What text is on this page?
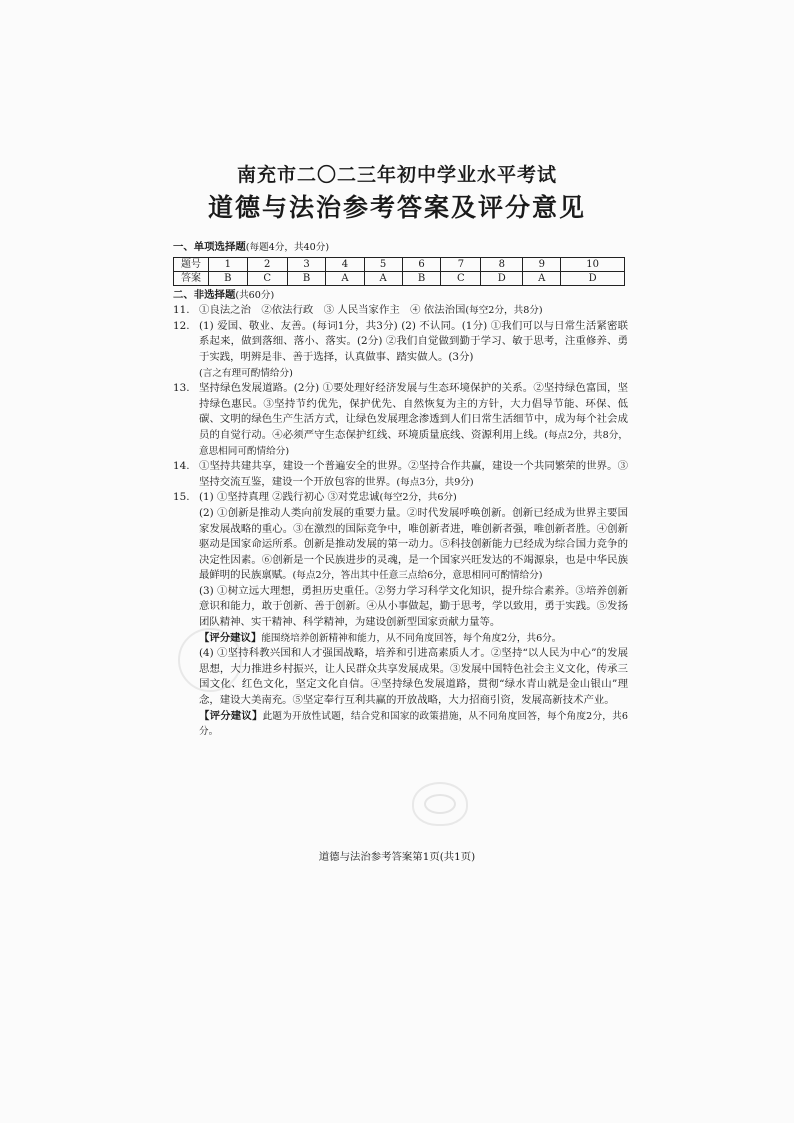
南充市二〇二三年初中学业水平考试
道德与法治参考答案及评分意见
一、单项选择题(每题4分，共40分)
题号	1	2	3	4	5	6	7	8	9	10
答案	B	C	B	A	A	B	C	D	A	D
二、非选择题(共60分)
11. ①良法之治　②依法行政　③ 人民当家作主　④ 依法治国(每空2分，共8分)
12. (1) 爱国、敬业、友善。(每词1分，共3分) (2) 不认同。(1分) ①我们可以与日常生活紧密联系起来，做到落细、落小、落实。(2分) ②我们自觉做到勤于学习、敏于思考，注重修养、勇于实践，明辨是非、善于选择，认真做事、踏实做人。(3分)
(言之有理可酌情给分)
13. 坚持绿色发展道路。(2分) ①要处理好经济发展与生态环境保护的关系。②坚持绿色富国，坚持绿色惠民。③坚持节约优先，保护优先、自然恢复为主的方针，大力倡导节能、环保、低碳、文明的绿色生产生活方式，让绿色发展理念渗透到人们日常生活细节中，成为每个社会成员的自觉行动。④必须严守生态保护红线、环境质量底线、资源利用上线。(每点2分，共8分，意思相同可酌情给分)
14. ①坚持共建共享，建设一个普遍安全的世界。②坚持合作共赢，建设一个共同繁荣的世界。③坚持交流互鉴，建设一个开放包容的世界。(每点3分，共9分)
15. (1) ①坚持真理 ②践行初心 ③对党忠诚(每空2分，共6分)
(2) ①创新是推动人类向前发展的重要力量。②时代发展呼唤创新。创新已经成为世界主要国家发展战略的重心。③在激烈的国际竞争中，唯创新者进，唯创新者强，唯创新者胜。④创新驱动是国家命运所系。创新是推动发展的第一动力。⑤科技创新能力已经成为综合国力竞争的决定性因素。⑥创新是一个民族进步的灵魂，是一个国家兴旺发达的不竭源泉，也是中华民族最鲜明的民族禀赋。(每点2分，答出其中任意三点给6分，意思相同可酌情给分)
(3) ①树立远大理想，勇担历史重任。②努力学习科学文化知识，提升综合素养。③培养创新意识和能力，敢于创新、善于创新。④从小事做起，勤于思考，学以致用，勇于实践。⑤发扬团队精神、实干精神、科学精神，为建设创新型国家贡献力量等。
【评分建议】能围绕培养创新精神和能力，从不同角度回答，每个角度2分，共6分。
(4) ①坚持科教兴国和人才强国战略，培养和引进高素质人才。②坚持“以人民为中心”的发展思想，大力推进乡村振兴，让人民群众共享发展成果。③发展中国特色社会主义文化，传承三国文化、红色文化，坚定文化自信。④坚持绿色发展道路，贯彻“绿水青山就是金山银山”理念，建设大美南充。⑤坚定奉行互利共赢的开放战略，大力招商引资，发展高新技术产业。
【评分建议】此题为开放性试题，结合党和国家的政策措施，从不同角度回答，每个角度2分，共6分。
道德与法治参考答案第1页(共1页)
